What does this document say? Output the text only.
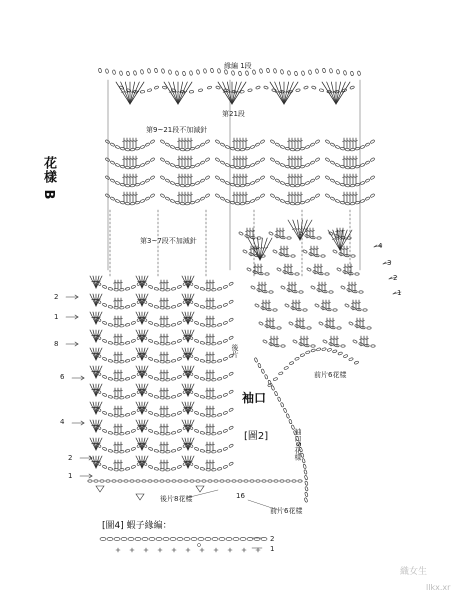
緣編 1段
第21段
第9~21段不加減針
第3~7段不加減針
花樣 B
袖口
[圖2]
後片
前片6花樣
袖口5花樣
後片8花樣
前片6花樣
16
2
1
8
6
4
2
1
4
3
2
1
[圖4] 蝦子緣編：
2
1
織女生
llkx.xr
